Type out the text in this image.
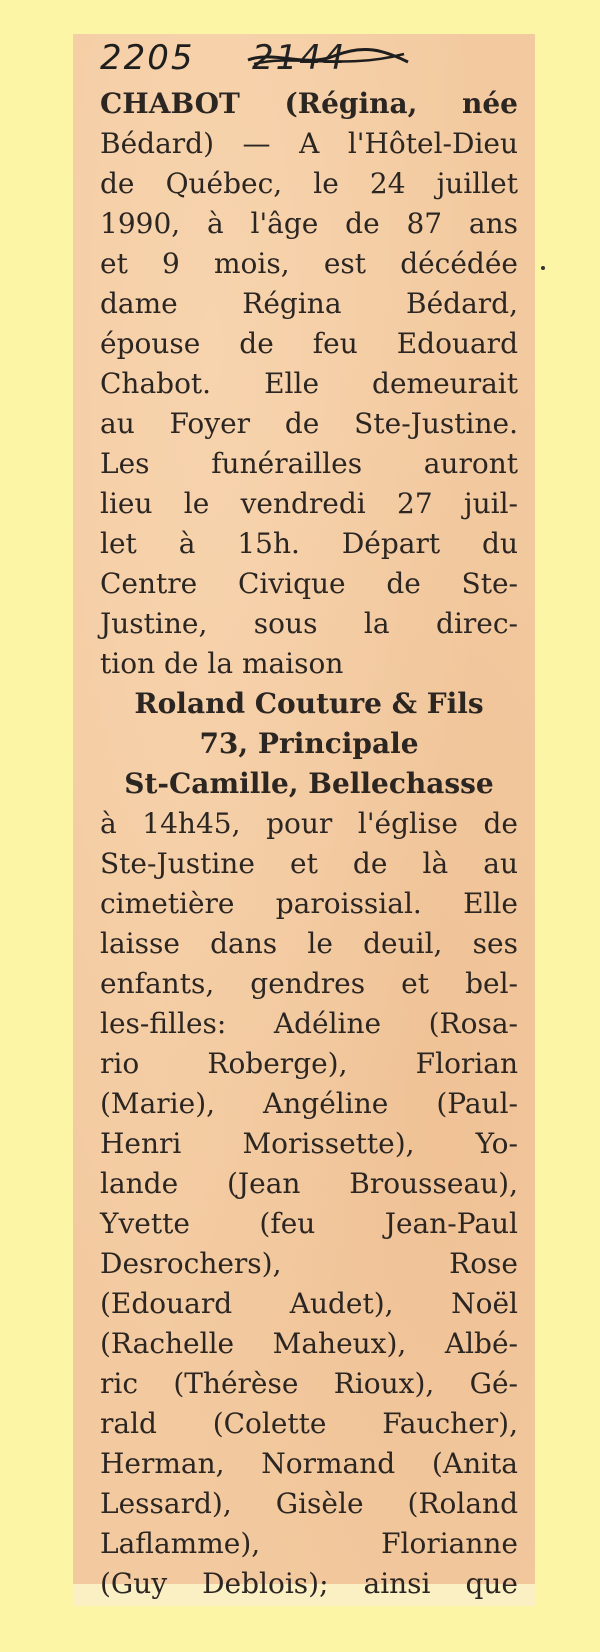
2205 2144
CHABOT (Régina, née
Bédard) — A l'Hôtel-Dieu
de Québec, le 24 juillet
1990, à l'âge de 87 ans
et 9 mois, est décédée
dame Régina Bédard,
épouse de feu Edouard
Chabot. Elle demeurait
au Foyer de Ste-Justine.
Les funérailles auront
lieu le vendredi 27 juil-
let à 15h. Départ du
Centre Civique de Ste-
Justine, sous la direc-
tion de la maison
Roland Couture & Fils
73, Principale
St-Camille, Bellechasse
à 14h45, pour l'église de
Ste-Justine et de là au
cimetière paroissial. Elle
laisse dans le deuil, ses
enfants, gendres et bel-
les-filles: Adéline (Rosa-
rio Roberge), Florian
(Marie), Angéline (Paul-
Henri Morissette), Yo-
lande (Jean Brousseau),
Yvette (feu Jean-Paul
Desrochers), Rose
(Edouard Audet), Noël
(Rachelle Maheux), Albé-
ric (Thérèse Rioux), Gé-
rald (Colette Faucher),
Herman, Normand (Anita
Lessard), Gisèle (Roland
Laflamme), Florianne
(Guy Deblois); ainsi que
